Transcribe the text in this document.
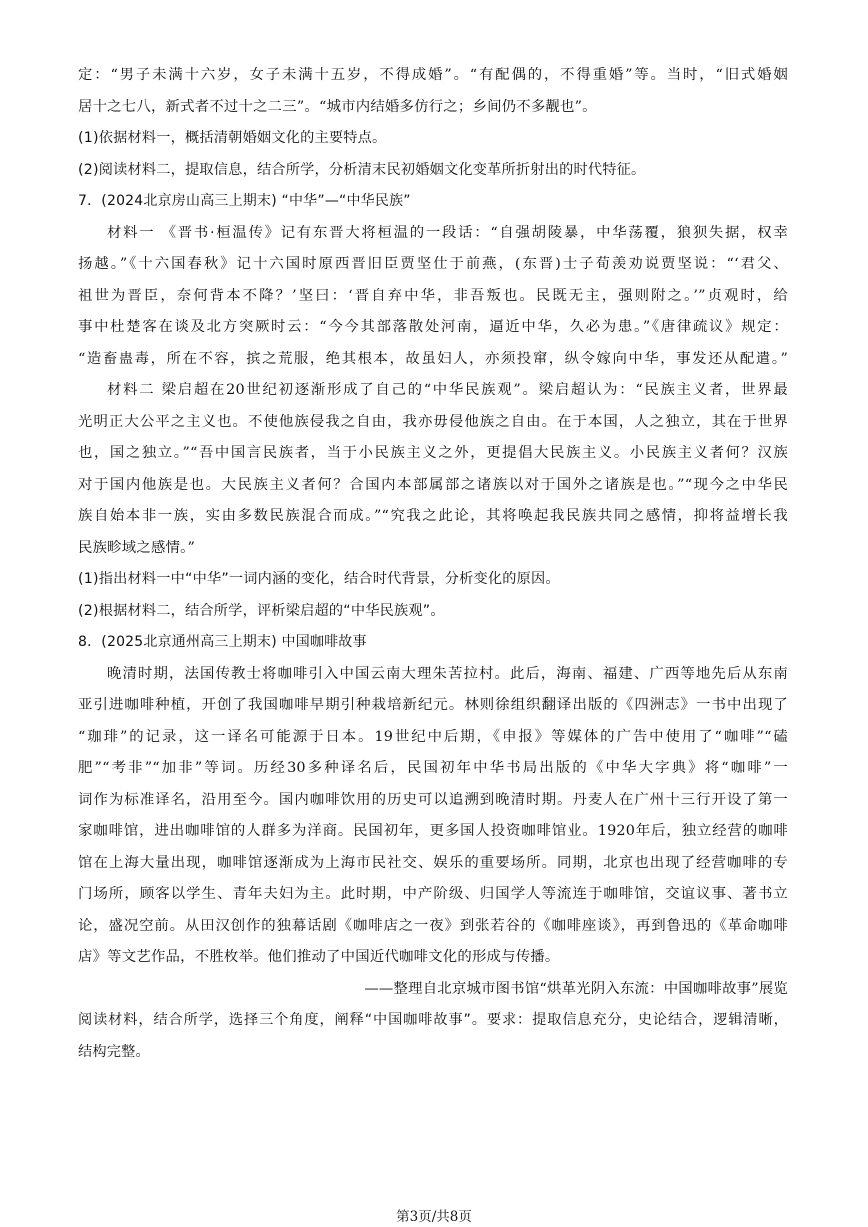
定：“男子未满十六岁，女子未满十五岁，不得成婚”。“有配偶的，不得重婚”等。当时，“旧式婚姻
居十之七八，新式者不过十之二三”。“城市内结婚多仿行之；乡间仍不多觏也”。
(1)依据材料一，概括清朝婚姻文化的主要特点。
(2)阅读材料二，提取信息，结合所学，分析清末民初婚姻文化变革所折射出的时代特征。
7．(2024北京房山高三上期末) “中华”—“中华民族”
材料一 《晋书·桓温传》记有东晋大将桓温的一段话：“自强胡陵暴，中华荡覆，狼狈失据，权幸
扬越。”《十六国春秋》记十六国时原西晋旧臣贾坚仕于前燕，(东晋)士子荀羡劝说贾坚说：“‘君父、
祖世为晋臣，奈何背本不降？’坚曰：‘晋自弃中华，非吾叛也。民既无主，强则附之。’”贞观时，给
事中杜楚客在谈及北方突厥时云：“今今其部落散处河南，逼近中华，久必为患。”《唐律疏议》规定：
“造畜蛊毒，所在不容，摈之荒服，绝其根本，故虽妇人，亦须投窜，纵令嫁向中华，事发还从配遣。”
材料二 梁启超在20世纪初逐渐形成了自己的“中华民族观”。梁启超认为：“民族主义者，世界最
光明正大公平之主义也。不使他族侵我之自由，我亦毋侵他族之自由。在于本国，人之独立，其在于世界
也，国之独立。”“吾中国言民族者，当于小民族主义之外，更提倡大民族主义。小民族主义者何？汉族
对于国内他族是也。大民族主义者何？合国内本部属部之诸族以对于国外之诸族是也。”“现今之中华民
族自始本非一族，实由多数民族混合而成。”“究我之此论，其将唤起我民族共同之感情，抑将益增长我
民族畛域之感情。”
(1)指出材料一中“中华”一词内涵的变化，结合时代背景，分析变化的原因。
(2)根据材料二，结合所学，评析梁启超的“中华民族观”。
8．(2025北京通州高三上期末) 中国咖啡故事
晚清时期，法国传教士将咖啡引入中国云南大理朱苦拉村。此后，海南、福建、广西等地先后从东南
亚引进咖啡种植，开创了我国咖啡早期引种栽培新纪元。林则徐组织翻译出版的《四洲志》一书中出现了
“珈琲”的记录，这一译名可能源于日本。19世纪中后期，《申报》等媒体的广告中使用了“咖啡”“磕
肥”“考非”“加非”等词。历经30多种译名后，民国初年中华书局出版的《中华大字典》将“咖啡”一
词作为标准译名，沿用至今。国内咖啡饮用的历史可以追溯到晚清时期。丹麦人在广州十三行开设了第一
家咖啡馆，进出咖啡馆的人群多为洋商。民国初年，更多国人投资咖啡馆业。1920年后，独立经营的咖啡
馆在上海大量出现，咖啡馆逐渐成为上海市民社交、娱乐的重要场所。同期，北京也出现了经营咖啡的专
门场所，顾客以学生、青年夫妇为主。此时期，中产阶级、归国学人等流连于咖啡馆，交谊议事、著书立
论，盛况空前。从田汉创作的独幕话剧《咖啡店之一夜》到张若谷的《咖啡座谈》，再到鲁迅的《革命咖啡
店》等文艺作品，不胜枚举。他们推动了中国近代咖啡文化的形成与传播。
——整理自北京城市图书馆“烘革光阴入东流：中国咖啡故事”展览
阅读材料，结合所学，选择三个角度，阐释“中国咖啡故事”。要求：提取信息充分，史论结合，逻辑清晰，
结构完整。
第3页/共8页
